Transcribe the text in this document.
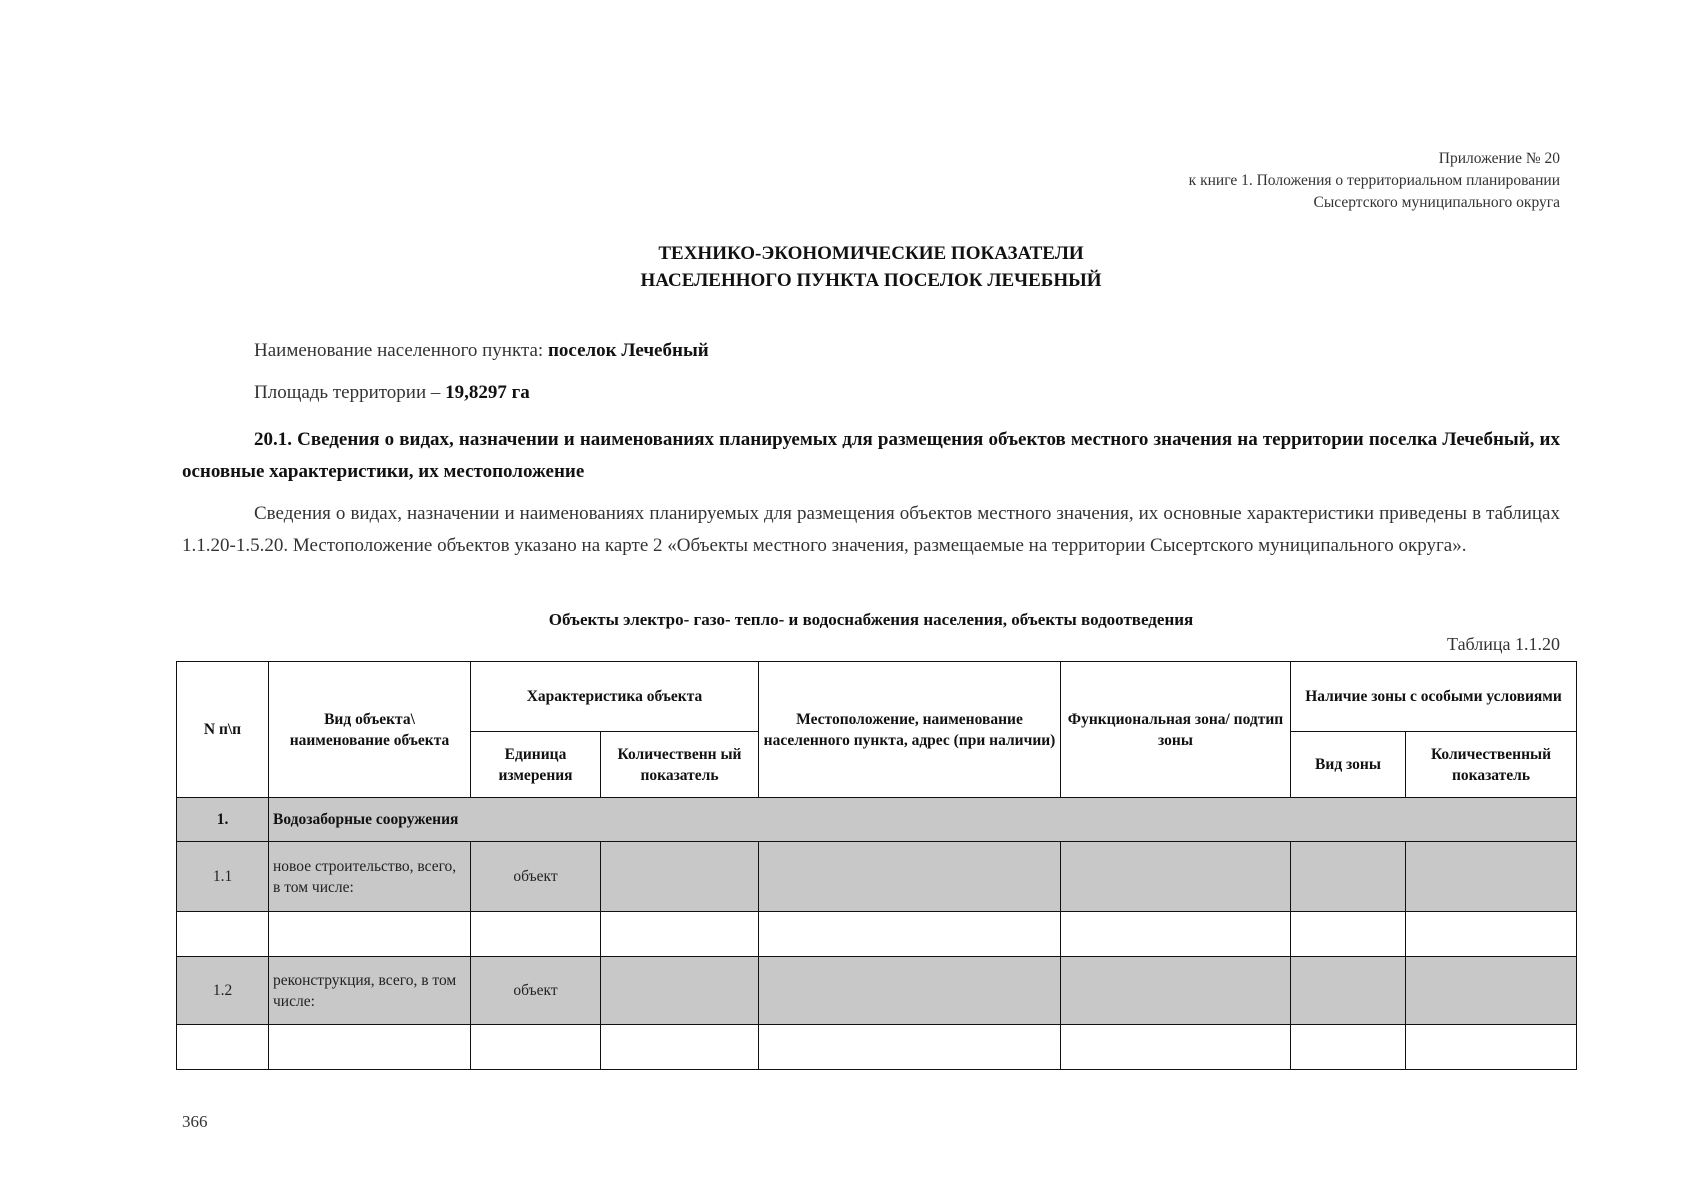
Приложение № 20
к книге 1. Положения о территориальном планировании
Сысертского муниципального округа
ТЕХНИКО-ЭКОНОМИЧЕСКИЕ ПОКАЗАТЕЛИ
НАСЕЛЕННОГО ПУНКТА ПОСЕЛОК ЛЕЧЕБНЫЙ
Наименование населенного пункта: поселок Лечебный
Площадь территории – 19,8297 га
20.1. Сведения о видах, назначении и наименованиях планируемых для размещения объектов местного значения на территории поселка Лечебный, их основные характеристики, их местоположение
Сведения о видах, назначении и наименованиях планируемых для размещения объектов местного значения, их основные характеристики приведены в таблицах 1.1.20-1.5.20. Местоположение объектов указано на карте 2 «Объекты местного значения, размещаемые на территории Сысертского муниципального округа».
Объекты электро- газо- тепло- и водоснабжения населения, объекты водоотведения
Таблица 1.1.20
N п\п	Вид объекта\ наименование объекта	Характеристика объекта		Местоположение, наименование населенного пункта, адрес (при наличии)	Функциональная зона/ подтип зоны	Наличие зоны с особыми условиями	
		Единица измерения	Количественн ый показатель			Вид зоны	Количественный показатель
1.	Водозаборные сооружения						
1.1	новое строительство, всего, в том числе:	объект					

1.2	реконструкция, всего, в том числе:	объект					

366
